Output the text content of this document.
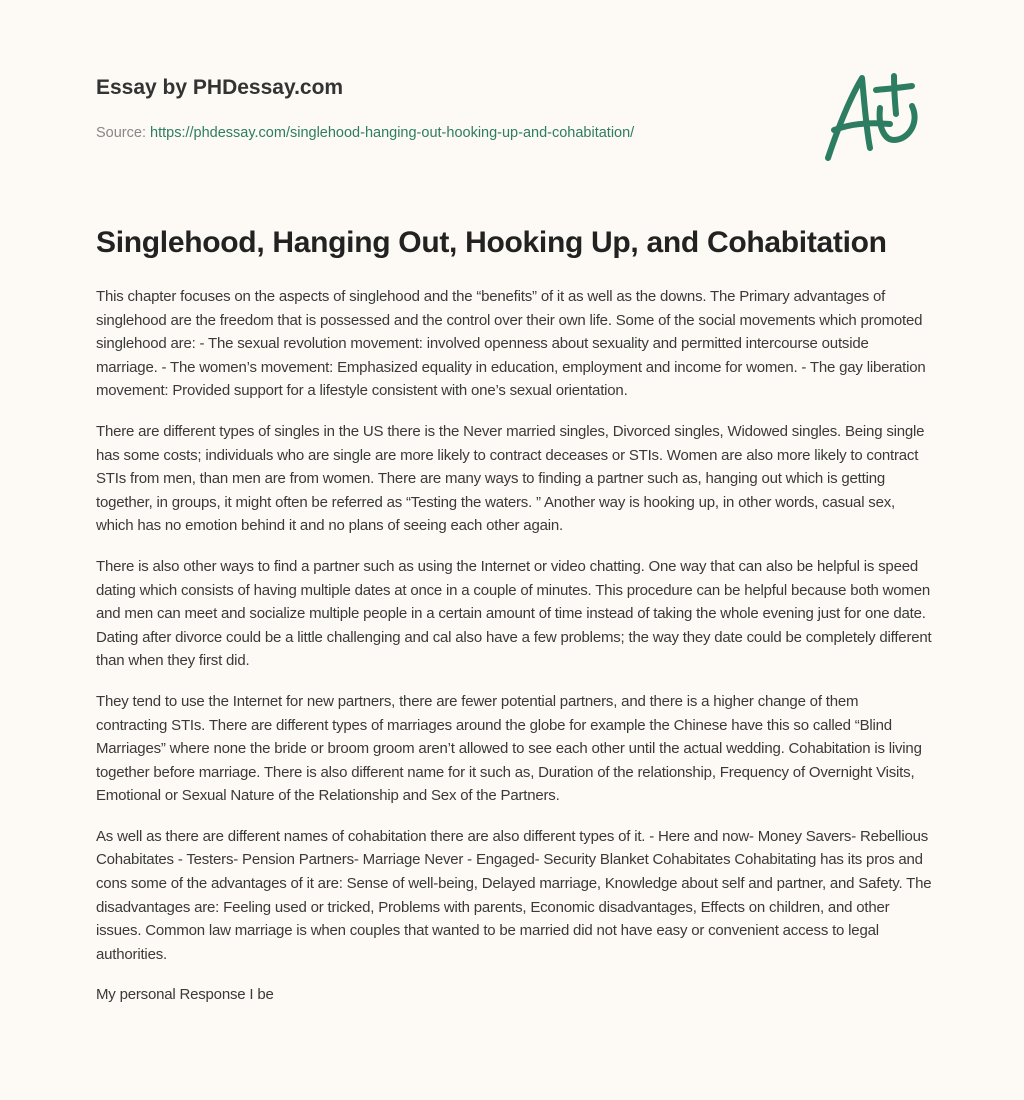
Essay by PHDessay.com
Source: https://phdessay.com/singlehood-hanging-out-hooking-up-and-cohabitation/
Singlehood, Hanging Out, Hooking Up, and Cohabitation

This chapter focuses on the aspects of singlehood and the “benefits” of it as well as the downs. The Primary advantages of singlehood are the freedom that is possessed and the control over their own life. Some of the social movements which promoted singlehood are: - The sexual revolution movement: involved openness about sexuality and permitted intercourse outside marriage. - The women’s movement: Emphasized equality in education, employment and income for women. - The gay liberation movement: Provided support for a lifestyle consistent with one’s sexual orientation.

There are different types of singles in the US there is the Never married singles, Divorced singles, Widowed singles. Being single has some costs; individuals who are single are more likely to contract deceases or STIs. Women are also more likely to contract STIs from men, than men are from women. There are many ways to finding a partner such as, hanging out which is getting together, in groups, it might often be referred as “Testing the waters. ” Another way is hooking up, in other words, casual sex, which has no emotion behind it and no plans of seeing each other again.

There is also other ways to find a partner such as using the Internet or video chatting. One way that can also be helpful is speed dating which consists of having multiple dates at once in a couple of minutes. This procedure can be helpful because both women and men can meet and socialize multiple people in a certain amount of time instead of taking the whole evening just for one date. Dating after divorce could be a little challenging and cal also have a few problems; the way they date could be completely different than when they first did.

They tend to use the Internet for new partners, there are fewer potential partners, and there is a higher change of them contracting STIs. There are different types of marriages around the globe for example the Chinese have this so called “Blind Marriages” where none the bride or broom groom aren’t allowed to see each other until the actual wedding. Cohabitation is living together before marriage. There is also different name for it such as, Duration of the relationship, Frequency of Overnight Visits, Emotional or Sexual Nature of the Relationship and Sex of the Partners.

As well as there are different names of cohabitation there are also different types of it. - Here and now- Money Savers- Rebellious Cohabitates - Testers- Pension Partners- Marriage Never - Engaged- Security Blanket Cohabitates Cohabitating has its pros and cons some of the advantages of it are: Sense of well-being, Delayed marriage, Knowledge about self and partner, and Safety. The disadvantages are: Feeling used or tricked, Problems with parents, Economic disadvantages, Effects on children, and other issues. Common law marriage is when couples that wanted to be married did not have easy or convenient access to legal authorities.

My personal Response I be
